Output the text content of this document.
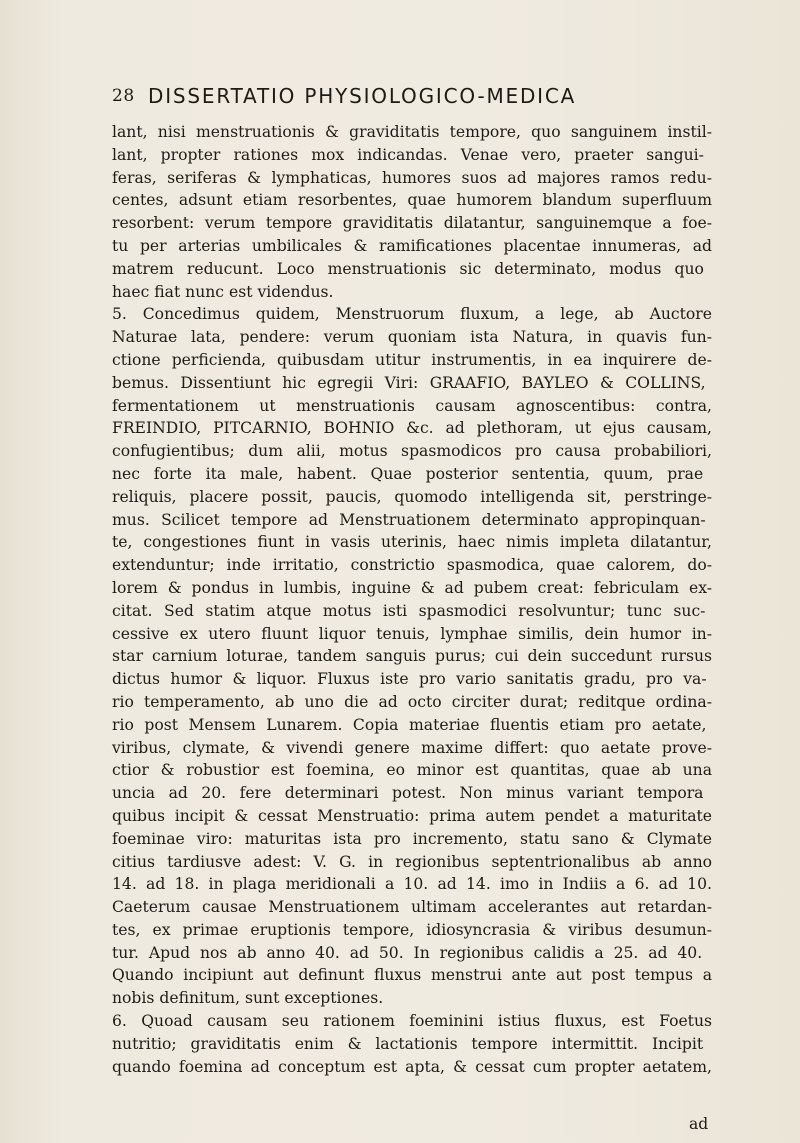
28 DISSERTATIO PHYSIOLOGICO-MEDICA
lant, nisi menstruationis & graviditatis tempore, quo sanguinem instil-
lant, propter rationes mox indicandas. Venae vero, praeter sangui-
feras, seriferas & lymphaticas, humores suos ad majores ramos redu-
centes, adsunt etiam resorbentes, quae humorem blandum superfluum
resorbent: verum tempore graviditatis dilatantur, sanguinemque a foe-
tu per arterias umbilicales & ramificationes placentae innumeras, ad
matrem reducunt. Loco menstruationis sic determinato, modus quo
haec fiat nunc est videndus.
5. Concedimus quidem, Menstruorum fluxum, a lege, ab Auctore
Naturae lata, pendere: verum quoniam ista Natura, in quavis fun-
ctione perficienda, quibusdam utitur instrumentis, in ea inquirere de-
bemus. Dissentiunt hic egregii Viri: GRAAFIO, BAYLEO & COLLINS,
fermentationem ut menstruationis causam agnoscentibus: contra,
FREINDIO, PITCARNIO, BOHNIO &c. ad plethoram, ut ejus causam,
confugientibus; dum alii, motus spasmodicos pro causa probabiliori,
nec forte ita male, habent. Quae posterior sententia, quum, prae
reliquis, placere possit, paucis, quomodo intelligenda sit, perstringe-
mus. Scilicet tempore ad Menstruationem determinato appropinquan-
te, congestiones fiunt in vasis uterinis, haec nimis impleta dilatantur,
extenduntur; inde irritatio, constrictio spasmodica, quae calorem, do-
lorem & pondus in lumbis, inguine & ad pubem creat: febriculam ex-
citat. Sed statim atque motus isti spasmodici resolvuntur; tunc suc-
cessive ex utero fluunt liquor tenuis, lymphae similis, dein humor in-
star carnium loturae, tandem sanguis purus; cui dein succedunt rursus
dictus humor & liquor. Fluxus iste pro vario sanitatis gradu, pro va-
rio temperamento, ab uno die ad octo circiter durat; reditque ordina-
rio post Mensem Lunarem. Copia materiae fluentis etiam pro aetate,
viribus, clymate, & vivendi genere maxime differt: quo aetate prove-
ctior & robustior est foemina, eo minor est quantitas, quae ab una
uncia ad 20. fere determinari potest. Non minus variant tempora
quibus incipit & cessat Menstruatio: prima autem pendet a maturitate
foeminae viro: maturitas ista pro incremento, statu sano & Clymate
citius tardiusve adest: V. G. in regionibus septentrionalibus ab anno
14. ad 18. in plaga meridionali a 10. ad 14. imo in Indiis a 6. ad 10.
Caeterum causae Menstruationem ultimam accelerantes aut retardan-
tes, ex primae eruptionis tempore, idiosyncrasia & viribus desumun-
tur. Apud nos ab anno 40. ad 50. In regionibus calidis a 25. ad 40.
Quando incipiunt aut definunt fluxus menstrui ante aut post tempus a
nobis definitum, sunt exceptiones.
6. Quoad causam seu rationem foeminini istius fluxus, est Foetus
nutritio; graviditatis enim & lactationis tempore intermittit. Incipit
quando foemina ad conceptum est apta, & cessat cum propter aetatem,
ad
